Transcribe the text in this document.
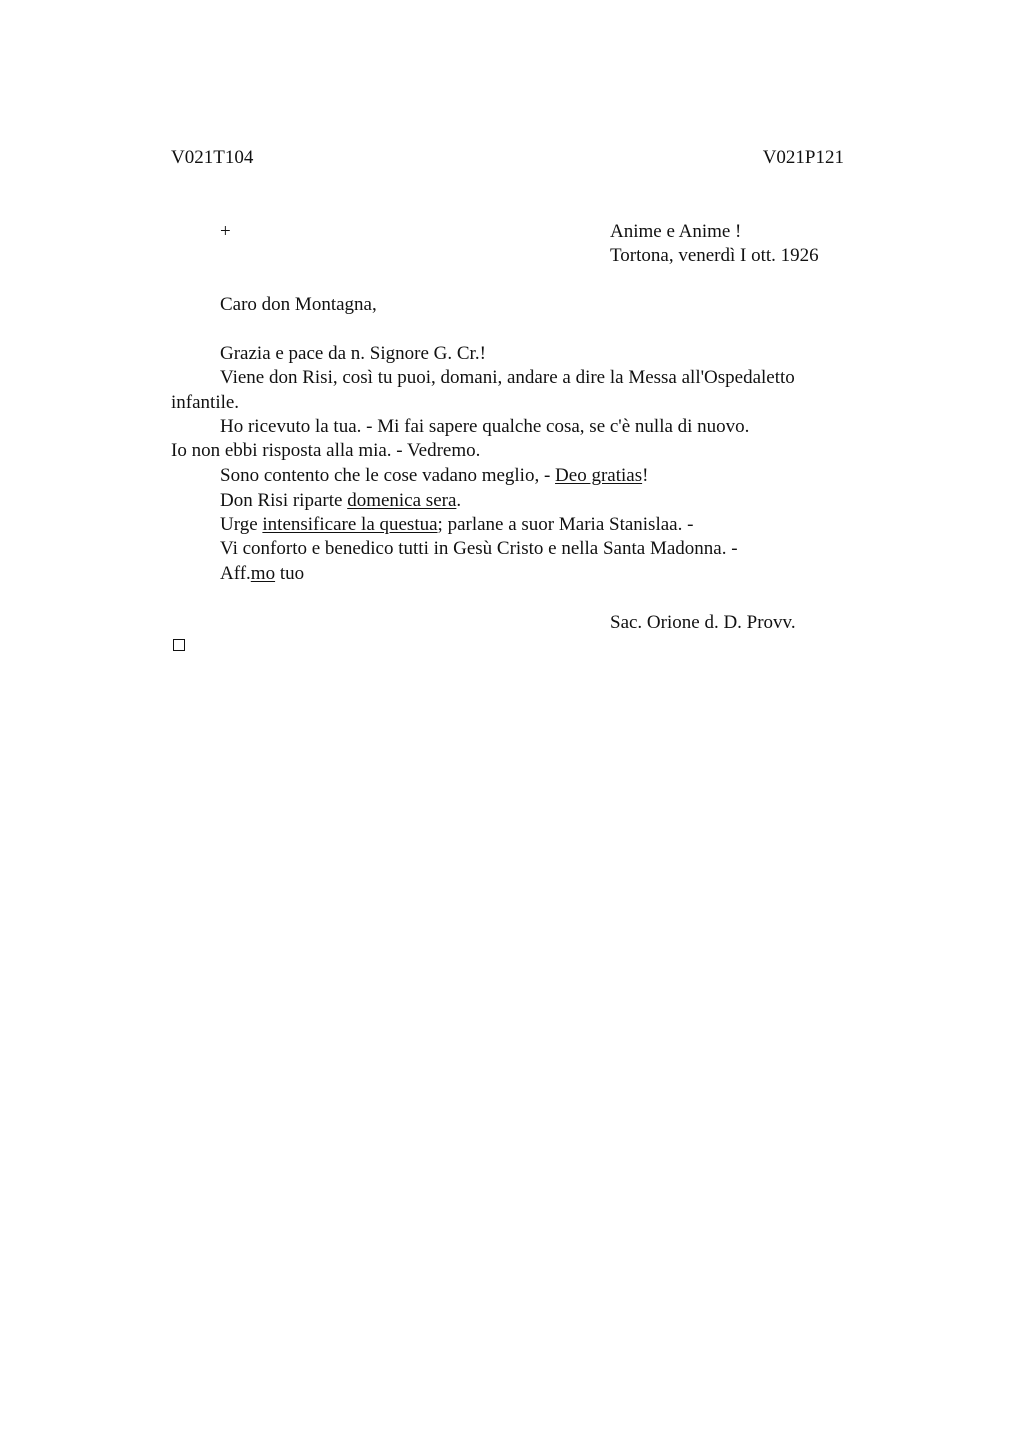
V021T104	V021P121
+	Anime e Anime !
Tortona, venerdì I ott. 1926
Caro don Montagna,
Grazia e pace da n. Signore G. Cr.!
Viene don Risi, così tu puoi, domani, andare a dire la Messa all'Ospedaletto
infantile.
Ho ricevuto la tua. - Mi fai sapere qualche cosa, se c'è nulla di nuovo.
Io non ebbi risposta alla mia. - Vedremo.
Sono contento che le cose vadano meglio, - Deo gratias!
Don Risi riparte domenica sera.
Urge intensificare la questua; parlane a suor Maria Stanislaa. -
Vi conforto e benedico tutti in Gesù Cristo e nella Santa Madonna. -
Aff.mo tuo
Sac. Orione d. D. Provv.
